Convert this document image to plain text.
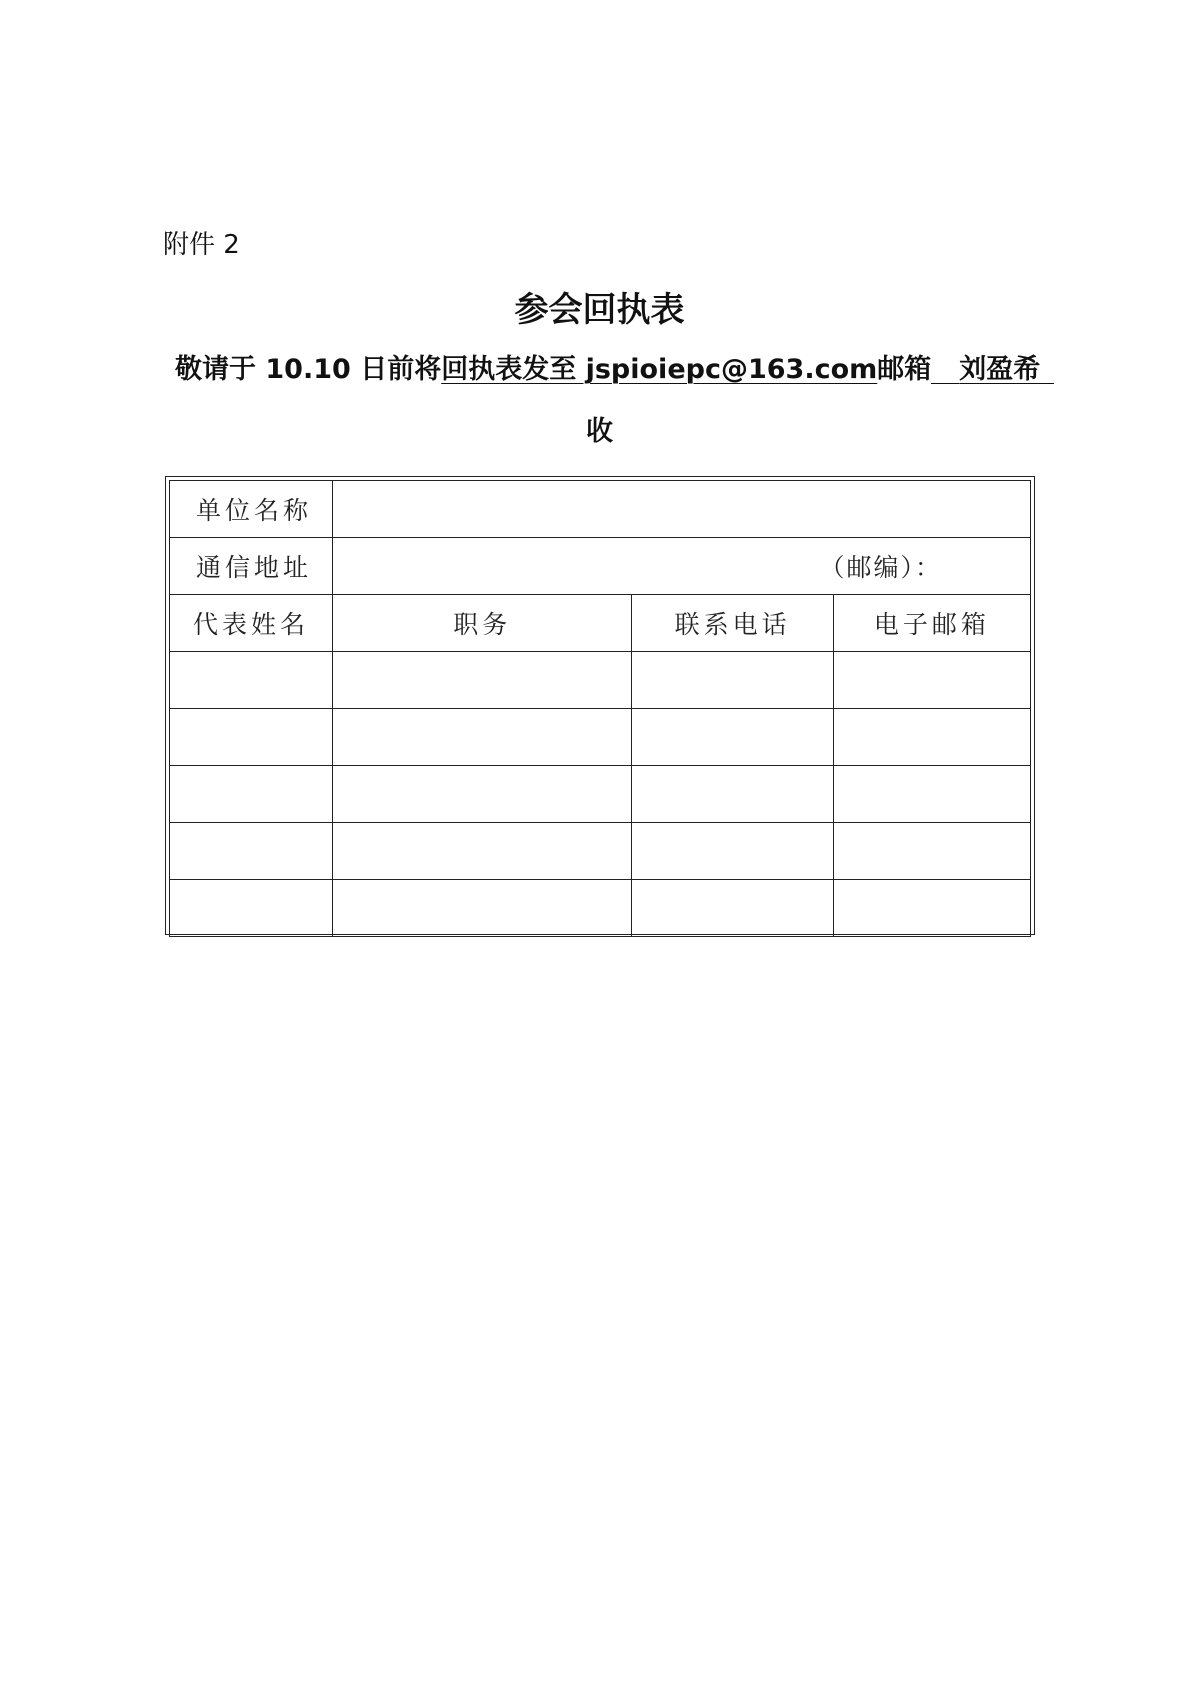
附件 2
参会回执表
敬请于 10.10 日前将回执表发至 jspioiepc@163.com邮箱 刘盈希
收
单位名称			
通信地址	（邮编）：		
代表姓名	职务	联系电话	电子邮箱
